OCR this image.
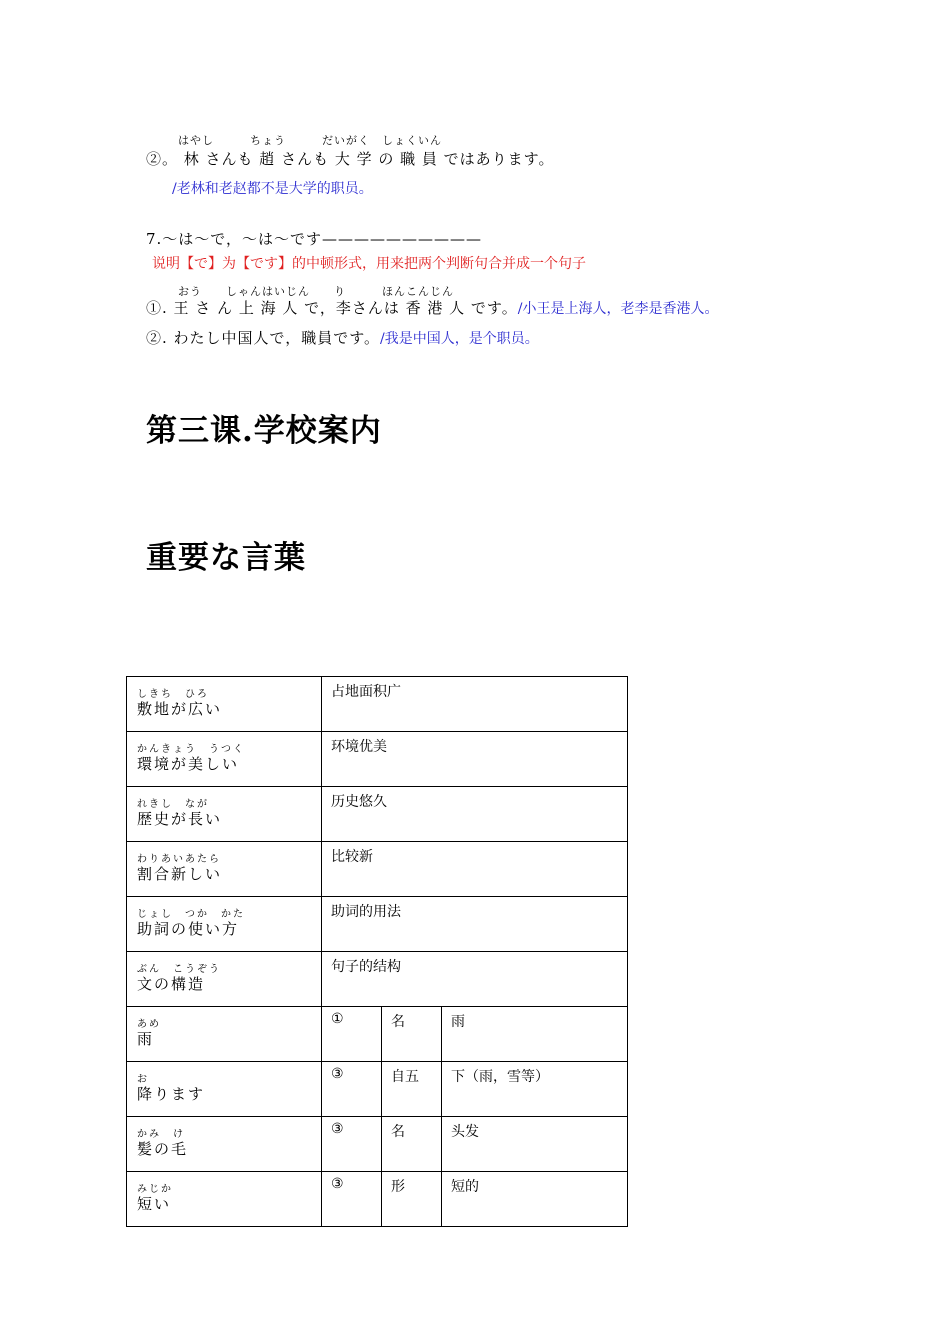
はやし　　　ちょう　　　だいがく　しょくいん
②。 林 さんも 趙 さんも 大 学 の 職 員 ではあります。
/老林和老赵都不是大学的职员。
7.～は～で，～は～です——————————
说明【で】为【です】的中顿形式，用来把两个判断句合并成一个句子
おう　　しゃんはいじん　　り　　　ほんこんじん
①. 王 さ ん 上 海 人 で，李さんは 香 港 人 です。/小王是上海人，老李是香港人。
②. わたし中国人で，職員です。/我是中国人，是个职员。
第三课.学校案内
重要な言葉
しきち　ひろ
敷地が広い	占地面积广		

かんきょう　うつく
環境が美しい	环境优美		

れきし　なが
歴史が長い	历史悠久		

わりあいあたら
割合新しい	比较新		

じょし　つか　かた
助詞の使い方	助词的用法		

ぶん　こうぞう
文の構造	句子的结构		

あめ
雨	①	名	雨

お
降ります	③	自五	下（雨，雪等）

かみ　け
髪の毛	③	名	头发

みじか
短い	③	形	短的
